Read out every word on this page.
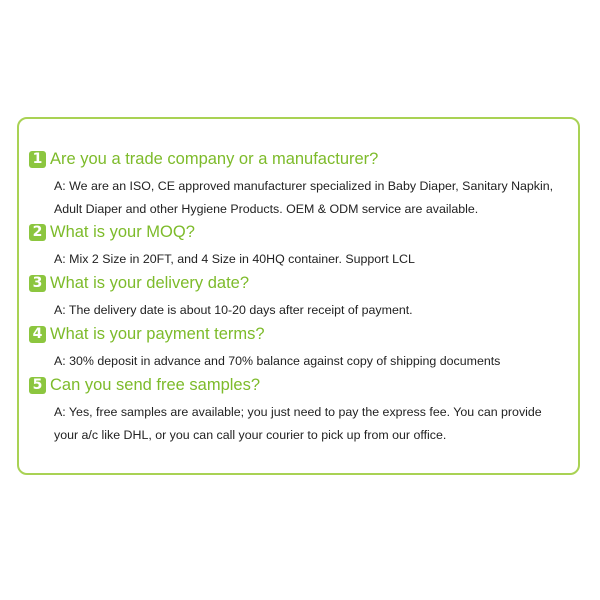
1 Are you a trade company or a manufacturer?
A: We are an ISO, CE approved manufacturer specialized in Baby Diaper, Sanitary Napkin,
Adult Diaper and other Hygiene Products. OEM & ODM service are available.
2 What is your MOQ?
A: Mix 2 Size in 20FT, and 4 Size in 40HQ container. Support LCL
3 What is your delivery date?
A: The delivery date is about 10-20 days after receipt of payment.
4 What is your payment terms?
A: 30% deposit in advance and 70% balance against copy of shipping documents
5 Can you send free samples?
A: Yes, free samples are available; you just need to pay the express fee. You can provide
your a/c like DHL, or you can call your courier to pick up from our office.
